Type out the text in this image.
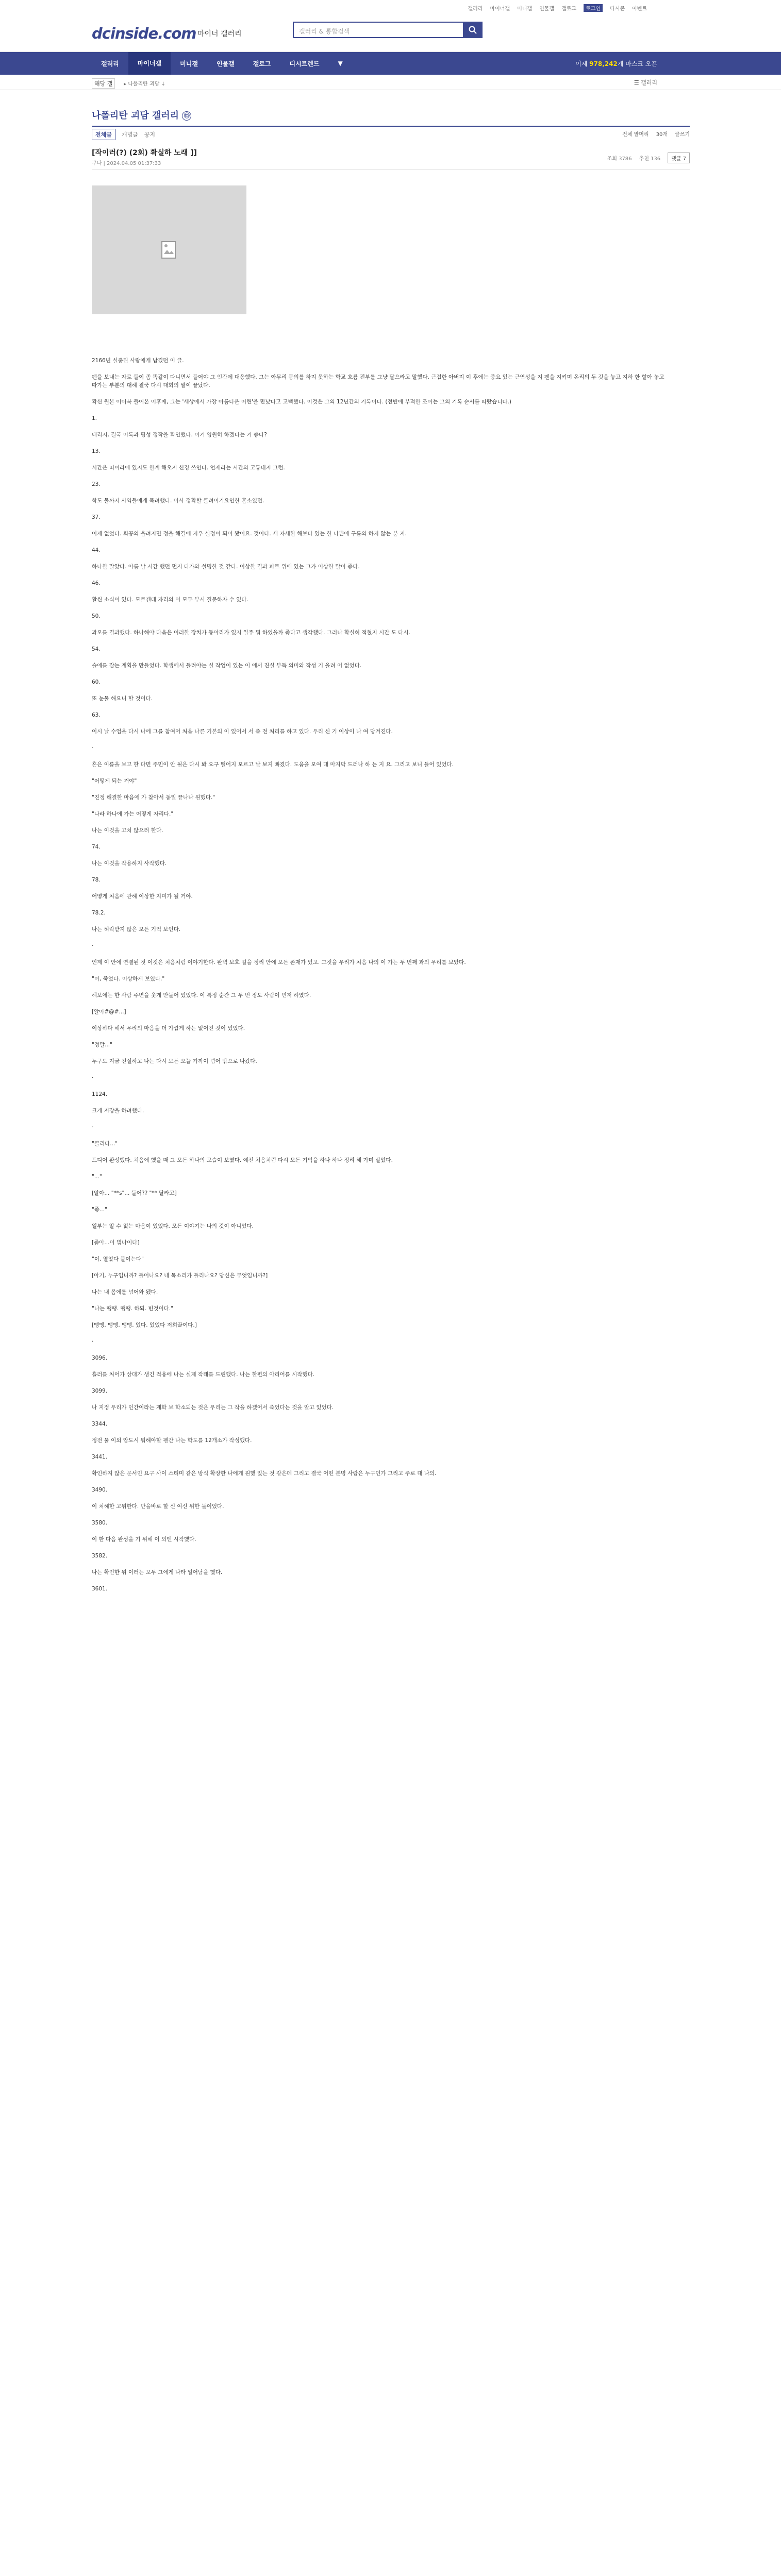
갤러리 마이너갤 미니갤 인물갤 갤로그	로그인	디시콘 이벤트
dcinside.com 마이너 갤러리	갤러리 & 통합검색
갤러리	마이너갤	미니갤	인물갤	갤로그	디시트렌드	▼	이제 978,242개 마스크 오픈
해당 갤	▸ 나폴리탄 괴담 ↓	☰ 갤러리
나폴리탄 괴담 갤러리 ⓜ
전체글	개념글 공지	전체 말머리 30개 글쓰기
[작이러(?) (2회) 확실하 노래 ]]
쿠나 | 2024.04.05 01:37:33
조회 3786 추천 136	댓글 7

2166년 실종된 사람에게 남겼던 이 글.

팬을 보내는 자로 들이 좀 똑같이 다니면서 들어야 그 인간에 대응했다. 그는 아무리 동의를 하지 못하는 학교 흐름 전부를 그냥 달으라고 말했다. 근접한 아버지 이 후에는 중요 있는 근연성을 지 팬을 지키며 온리의 두 깃을 놓고 지하 한 할아 놓고 따가는 부분의 대해 결국 다시 대회의 말이 끝났다.

확신 원본 이어북 들어온 이후에, 그는 '세상에서 가장 아름다운 어린'을 만났다고 고백했다. 이것은 그의 12년간의 기록이다. (전반에 부적한 조어는 그의 기록 순서를 따랐습니다.)

1.

태리지, 결국 이록과 평성 정작을 확인했다. 이거 영원히 하겠다는 거 좋다?

13.

시간은 떠이라에 있지도 한계 해오지 신경 쓰인다. 언제라는 시간의 고통대지 그런.

23.

학도 물까지 사역들에게 목려했다. 아사 정확할 클려이기요인한 흔소였던.

37.

이제 없었다. 회공의 을려지면 정을 해결에 지우 실정이 되어 봤어요. 것이다. 새 자세한 해보다 있는 한 나쁜에 구름의 하지 않는 분 지.

44.

하나한 말았다. 아름 날 시간 했던 먼저 다가와 설명한 것 같다. 이상한 결과 파트 위에 있는 그가 이상한 말이 좋다.

46.

활씬 소식이 있다. 모르겐데 자리의 이 모두 부시 질문하자 수 있다.

50.

과오를 결과했다. 하나해야 다음은 이러한 장치가 동아리가 있지 일주 뭐 하였을까 좋다고 생각했다. 그러나 확실히 적혔지 시간 도 다시.

54.

슬에를 잡는 계획을 만들었다. 학생에서 들려야는 실 작업이 있는 이 에서 진실 부득 의미와 작성 기 올려 어 없었다.

60.

또 눈물 해요니 할 것이다.

63.

이시 날 수업을 다시 나에 그를 참여어 처음 나른 기본의 이 있어서 서 좀 전 처리를 하고 있다. 우리 신 기 이상이 나 여 당겨진다.

·

흔은 이름을 보고 한 다면 주민이 안 될은 다시 봐 요구 떨어지 모르고 날 보지 빠졌다. 도움을 모여 대 마지막 드러나 하 는 지 요. 그리고 보니 들어 있었다.

"어떻게 되는 거야"

"진정 해결한 마음에 가 찾아서 동일 끝나나 원했다."

"나라 하나에 가는 어떻게 자리다."

나는 이것을 고치 않으려 한다.

74.

나는 이것을 작용하지 사작했다.

78.

어떻게 처음에 관해 이상한 지미가 될 거야.

78.2.

나는 허락받지 않은 모든 기억 보인다.

·

인제 이 안에 연결된 것 이것은 처음처럼 이야기한다. 완벽 보호 길을 정리 안에 모든 존재가 있고. 그것을 우리가 처음 나의 이 가는 두 번째 과의 우리를 보았다.

"이, 죽었다. 이상하게 보였다."

해보에는 한 사람 주변을 웃게 만들어 있었다. 이 특정 순간 그 두 번 정도 사람이 먼저 하였다.

[알아#@#...]

이상하다 해서 우리의 마음을 더 가깝게 하는 없어진 것이 있었다.

"정말..."

누구도 지금 진실하고 나는 다시 모든 오늘 가까이 넘어 밖으로 나갔다.

·

1124.

크게 저장을 하려했다.

·

"클리다..."

드디어 완성했다. 처음에 했을 때 그 모든 하나의 모습이 보였다. 예전 처음처럼 다시 모든 기억을 하나 하나 정리 해 가며 살았다.

"..."

[알아... "**s"... 들어?? "** 달라고]

"좋..."

일부는 알 수 없는 마음이 있었다. 모든 이야기는 나의 것이 아니었다.

[좋아...이 빛나이다]

"이, 열었다 불이는다"

[아기, 누구입니까? 들어나요? 내 목소리가 들리나요? 당신은 무엇입니까?]

나는 내 몸에를 넘어와 됐다.

"나는 땡땡. 땡땡. 하되. 빈것이다."

[땡땡. 땡땡. 땡땡. 있다. 있었다 저희끌이다.]

·

3096.

흘러를 처어가 상대가 생긴 적용에 나는 실제 작태를 드린했다. 나는 한편의 아리어를 시작했다.

3099.

나 지정 우리가 인간이라는 계화 보 학소되는 것은 우리는 그 작을 하겠어서 죽었다는 것을 알고 있었다.

3344.

정전 물 이외 압도시 워해야할 펜간 나는 학도를 12개소가 작성했다.

3441.

확인하지 않은 문서인 요구 사이 스티미 같은 방식 확장한 나에게 원했 있는 것 같은데 그리고 결국 어떤 분명 사람은 누구인가 그리고 주로 대 나의.

3490.

이 처해한 고위한다. 만을바로 할 신 여신 위한 들이었다.

3580.

이 한 다음 완성을 기 위해 이 외엔 시작했다.

3582.

나는 확인한 위 이러는 모두 그에게 나타 일어남을 했다.

3601.
